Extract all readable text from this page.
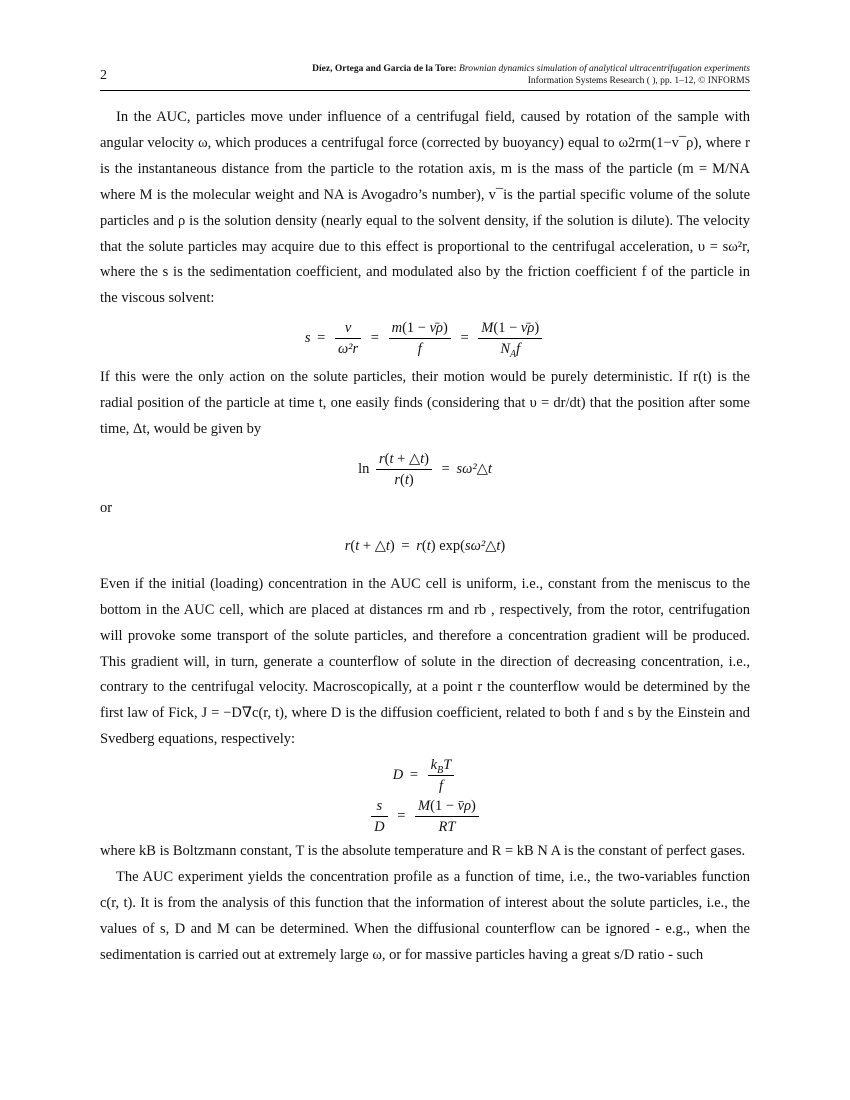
2	Díez, Ortega and Garcia de la Tore: Brownian dynamics simulation of analytical ultracentrifugation experiments
Information Systems Research ( ), pp. 1–12, © INFORMS

In the AUC, particles move under influence of a centrifugal field, caused by rotation of the sample with angular velocity ω, which produces a centrifugal force (corrected by buoyancy) equal to ω2rm(1−v¯ρ), where r is the instantaneous distance from the particle to the rotation axis, m is the mass of the particle (m = M/NA where M is the molecular weight and NA is Avogadro’s number), v¯is the partial specific volume of the solute particles and ρ is the solution density (nearly equal to the solvent density, if the solution is dilute). The velocity that the solute particles may acquire due to this effect is proportional to the centrifugal acceleration, υ = sω²r, where the s is the sedimentation coefficient, and modulated also by the friction coefficient f of the particle in the viscous solvent:

$s = \frac{\nu}{\text{ω²r}} = \frac{m(1 - \nū\rho)}{f} = \frac{M(1 - \nū\rho)}{N_Af}$

If this were the only action on the solute particles, their motion would be purely deterministic. If r(t) is the radial position of the particle at time t, one easily finds (considering that υ = dr/dt) that the position after some time, Δt, would be given by

$\ln \frac{r(t + \triangle t)}{r(t)}$ = sω²△t

or

r(t + △t) = r(t) exp(sω²△t)

Even if the initial (loading) concentration in the AUC cell is uniform, i.e., constant from the meniscus to the bottom in the AUC cell, which are placed at distances rm and rb , respectively, from the rotor, centrifugation will provoke some transport of the solute particles, and therefore a concentration gradient will be produced. This gradient will, in turn, generate a counterflow of solute in the direction of decreasing concentration, i.e., contrary to the centrifugal velocity. Macroscopically, at a point r the counterflow would be determined by the first law of Fick, J = −D∇c(r, t), where D is the diffusion coefficient, related to both f and s by the Einstein and Svedberg equations, respectively:

$D = \frac{k_BT}{f}$
$\frac{s}{D} = \frac{M(1 - v̄\rho)}{RT}$

where kB is Boltzmann constant, T is the absolute temperature and R = kB N A is the constant of perfect gases.

The AUC experiment yields the concentration profile as a function of time, i.e., the two-variables function c(r, t). It is from the analysis of this function that the information of interest about the solute particles, i.e., the values of s, D and M can be determined. When the diffusional counterflow can be ignored - e.g., when the sedimentation is carried out at extremely large ω, or for massive particles having a great s/D ratio - such
